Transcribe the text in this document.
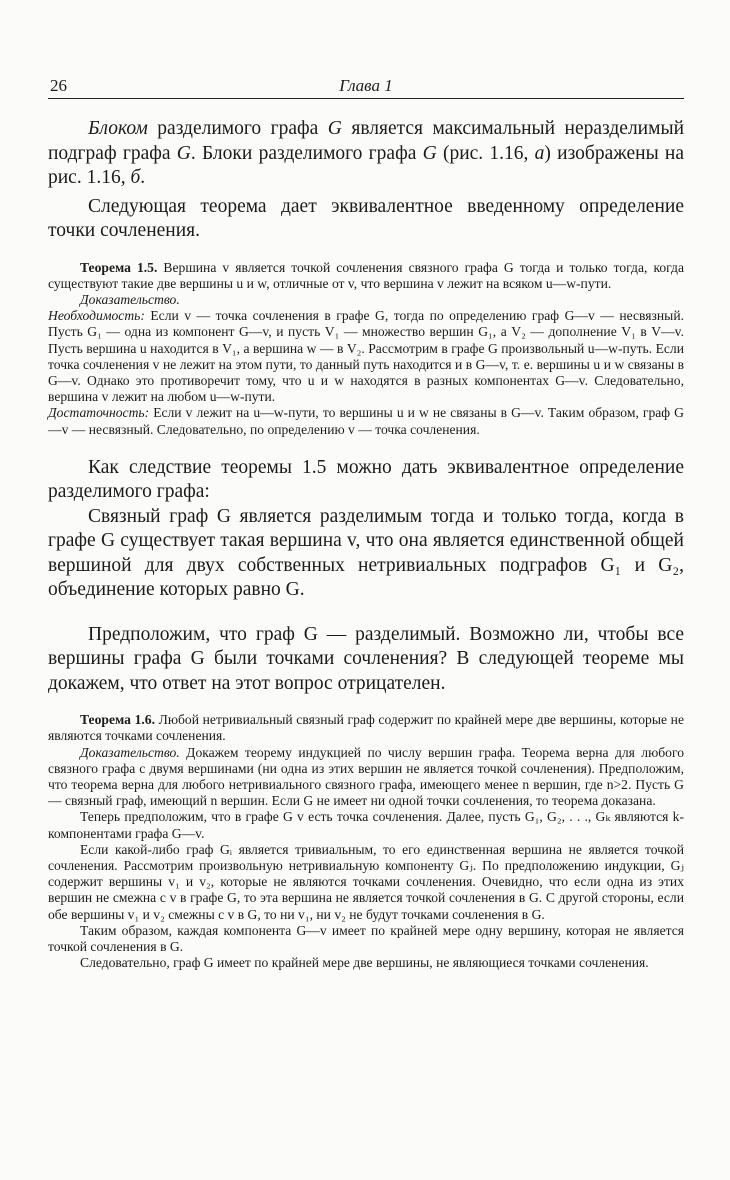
26	Глава 1

Блоком разделимого графа G является максимальный неразделимый подграф графа G. Блоки разделимого графа G (рис. 1.16, а) изображены на рис. 1.16, б.

Следующая теорема дает эквивалентное введенному определение точки сочленения.

Теорема 1.5. Вершина v является точкой сочленения связного графа G тогда и только тогда, когда существуют такие две вершины u и w, отличные от v, что вершина v лежит на всяком u—w-пути.

Доказательство.

Необходимость: Если v — точка сочленения в графе G, тогда по определению граф G—v — несвязный. Пусть G₁ — одна из компонент G—v, и пусть V₁ — множество вершин G₁, а V₂ — дополнение V₁ в V—v. Пусть вершина u находится в V₁, а вершина w — в V₂. Рассмотрим в графе G произвольный u—w-путь. Если точка сочленения v не лежит на этом пути, то данный путь находится и в G—v, т. е. вершины u и w связаны в G—v. Однако это противоречит тому, что u и w находятся в разных компонентах G—v. Следовательно, вершина v лежит на любом u—w-пути.

Достаточность: Если v лежит на u—w-пути, то вершины u и w не связаны в G—v. Таким образом, граф G—v — несвязный. Следовательно, по определению v — точка сочленения.

Как следствие теоремы 1.5 можно дать эквивалентное определение разделимого графа:

Связный граф G является разделимым тогда и только тогда, когда в графе G существует такая вершина v, что она является единственной общей вершиной для двух собственных нетривиальных подграфов G₁ и G₂, объединение которых равно G.

Предположим, что граф G — разделимый. Возможно ли, чтобы все вершины графа G были точками сочленения? В следующей теореме мы докажем, что ответ на этот вопрос отрицателен.

Теорема 1.6. Любой нетривиальный связный граф содержит по крайней мере две вершины, которые не являются точками сочленения.

Доказательство. Докажем теорему индукцией по числу вершин графа. Теорема верна для любого связного графа с двумя вершинами (ни одна из этих вершин не является точкой сочленения). Предположим, что теорема верна для любого нетривиального связного графа, имеющего менее n вершин, где n>2. Пусть G — связный граф, имеющий n вершин. Если G не имеет ни одной точки сочленения, то теорема доказана.

Теперь предположим, что в графе G v есть точка сочленения. Далее, пусть G₁, G₂, . . ., Gₖ являются k-компонентами графа G—v.

Если какой-либо граф Gᵢ является тривиальным, то его единственная вершина не является точкой сочленения. Рассмотрим произвольную нетривиальную компоненту Gⱼ. По предположению индукции, Gⱼ содержит вершины v₁ и v₂, которые не являются точками сочленения. Очевидно, что если одна из этих вершин не смежна с v в графе G, то эта вершина не является точкой сочленения в G. С другой стороны, если обе вершины v₁ и v₂ смежны с v в G, то ни v₁, ни v₂ не будут точками сочленения в G.

Таким образом, каждая компонента G—v имеет по крайней мере одну вершину, которая не является точкой сочленения в G.

Следовательно, граф G имеет по крайней мере две вершины, не являющиеся точками сочленения.
